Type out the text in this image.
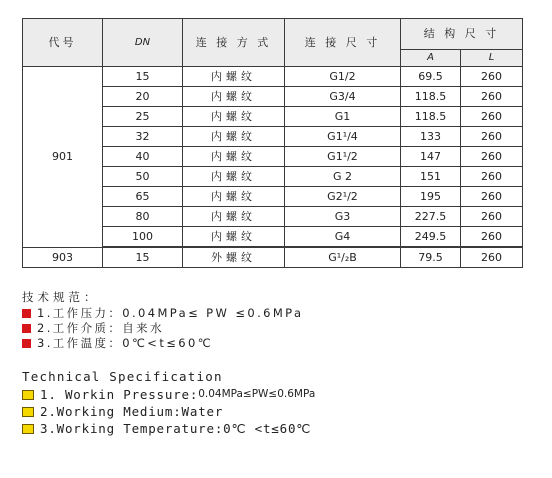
代号	DN	连 接 方 式	连 接 尺 寸	结 构 尺 寸	
				A	L
901	15	内螺纹	G1/2	69.5	260
	20	内螺纹	G3/4	118.5	260
	25	内螺纹	G1	118.5	260
	32	内螺纹	G1¹/4	133	260
	40	内螺纹	G1¹/2	147	260
	50	内螺纹	G 2	151	260
	65	内螺纹	G2¹/2	195	260
	80	内螺纹	G3	227.5	260
	100	内螺纹	G4	249.5	260
903	15	外螺纹	G¹/₂B	79.5	260
技术规范：
1.工作压力：0.04MPa≤ PW ≤0.6MPa
2.工作介质：自来水
3.工作温度：0℃<t≤60℃
Technical Specification
1. Workin Pressure: 0.04MPa≤PW≤0.6MPa
2.Working Medium: Water
3.Working Temperature: 0℃ <t≤60℃
